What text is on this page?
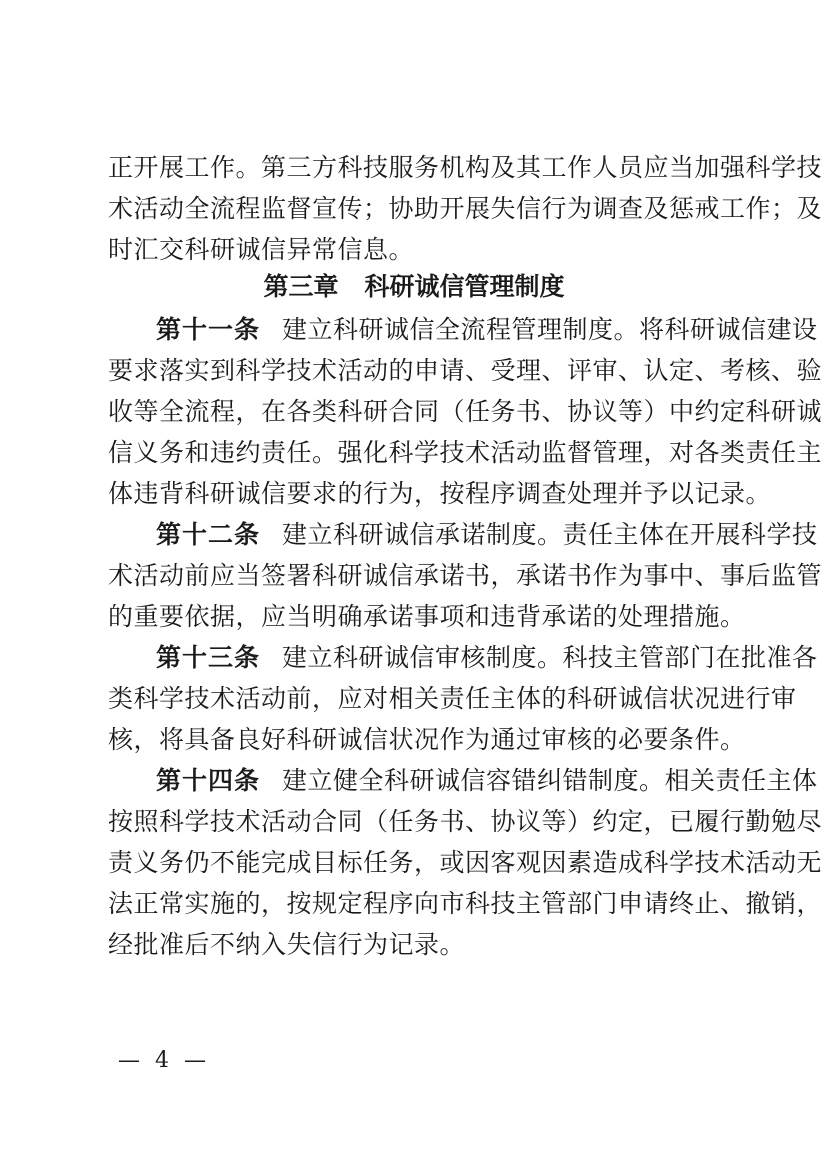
正开展工作。第三方科技服务机构及其工作人员应当加强科学技
术活动全流程监督宣传；协助开展失信行为调查及惩戒工作；及
时汇交科研诚信异常信息。
第三章 科研诚信管理制度
第十一条 建立科研诚信全流程管理制度。将科研诚信建设
要求落实到科学技术活动的申请、受理、评审、认定、考核、验
收等全流程，在各类科研合同（任务书、协议等）中约定科研诚
信义务和违约责任。强化科学技术活动监督管理，对各类责任主
体违背科研诚信要求的行为，按程序调查处理并予以记录。
第十二条 建立科研诚信承诺制度。责任主体在开展科学技
术活动前应当签署科研诚信承诺书，承诺书作为事中、事后监管
的重要依据，应当明确承诺事项和违背承诺的处理措施。
第十三条 建立科研诚信审核制度。科技主管部门在批准各
类科学技术活动前，应对相关责任主体的科研诚信状况进行审
核，将具备良好科研诚信状况作为通过审核的必要条件。
第十四条 建立健全科研诚信容错纠错制度。相关责任主体
按照科学技术活动合同（任务书、协议等）约定，已履行勤勉尽
责义务仍不能完成目标任务，或因客观因素造成科学技术活动无
法正常实施的，按规定程序向市科技主管部门申请终止、撤销，
经批准后不纳入失信行为记录。
— 4 —
